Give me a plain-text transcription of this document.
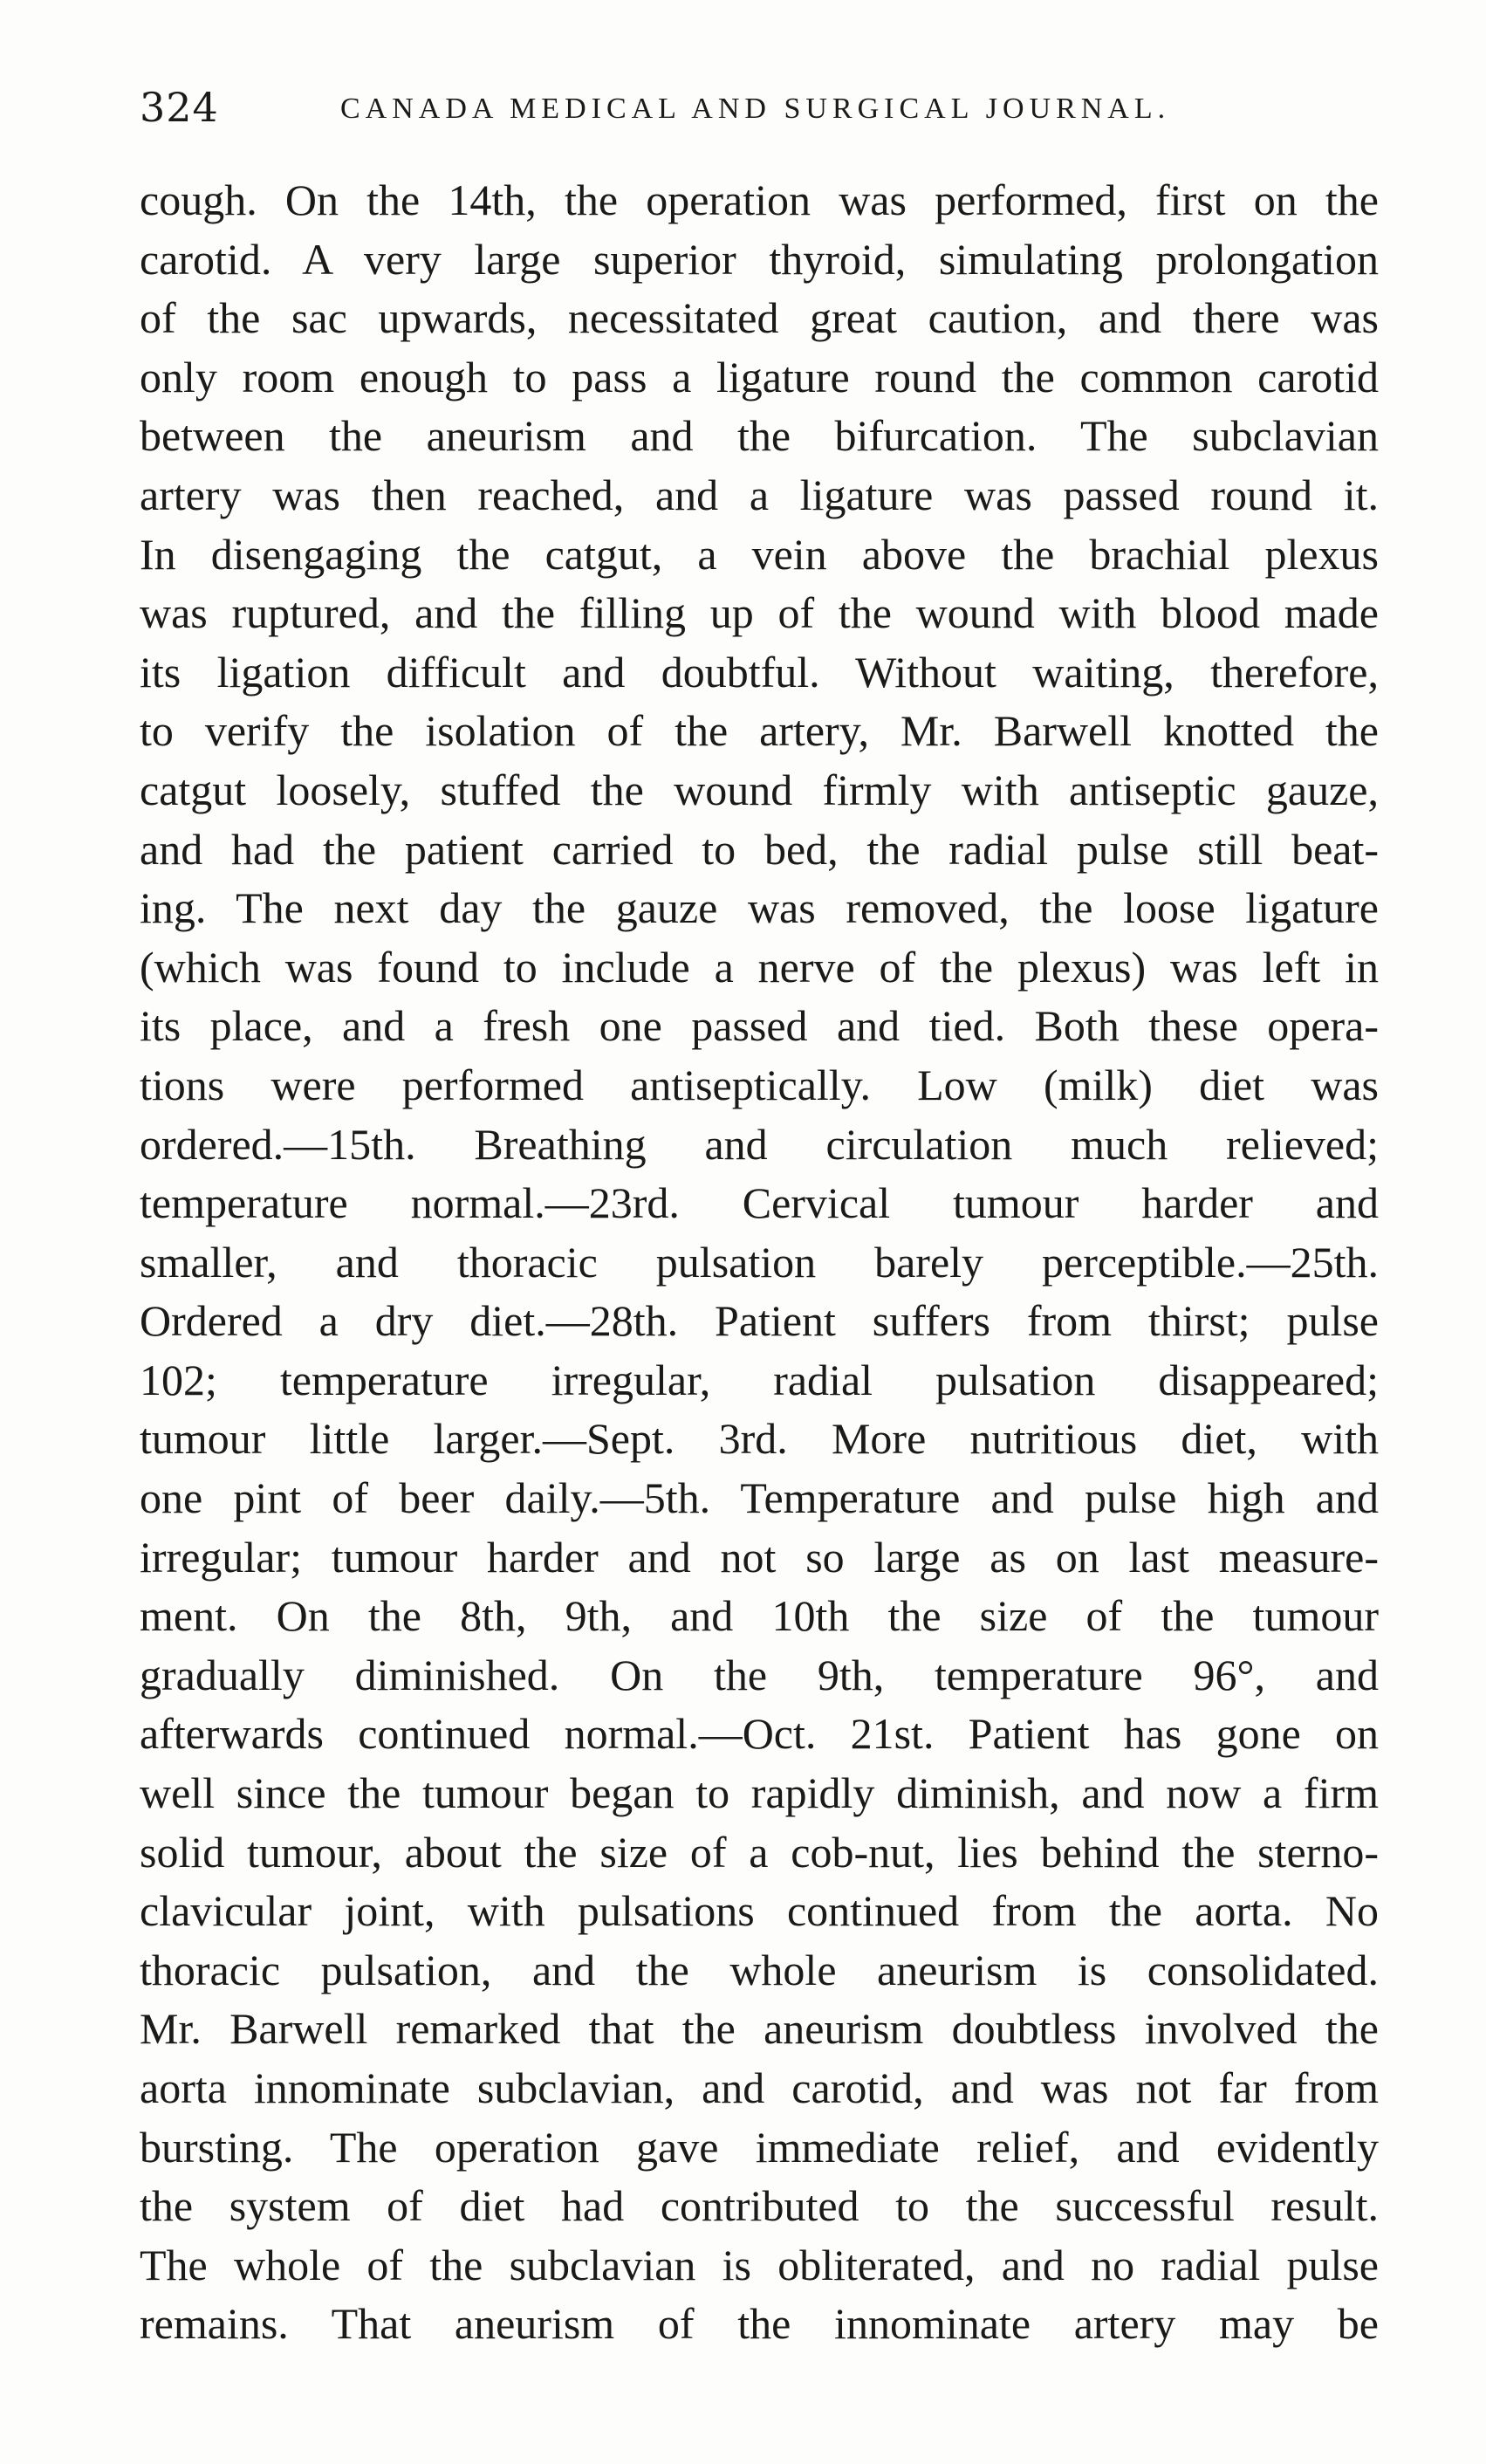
324	CANADA MEDICAL AND SURGICAL JOURNAL.
cough. On the 14th, the operation was performed, first on the
carotid. A very large superior thyroid, simulating prolongation
of the sac upwards, necessitated great caution, and there was
only room enough to pass a ligature round the common carotid
between the aneurism and the bifurcation. The subclavian
artery was then reached, and a ligature was passed round it.
In disengaging the catgut, a vein above the brachial plexus
was ruptured, and the filling up of the wound with blood made
its ligation difficult and doubtful. Without waiting, therefore,
to verify the isolation of the artery, Mr. Barwell knotted the
catgut loosely, stuffed the wound firmly with antiseptic gauze,
and had the patient carried to bed, the radial pulse still beat-
ing. The next day the gauze was removed, the loose ligature
(which was found to include a nerve of the plexus) was left in
its place, and a fresh one passed and tied. Both these opera-
tions were performed antiseptically. Low (milk) diet was
ordered.—15th. Breathing and circulation much relieved;
temperature normal.—23rd. Cervical tumour harder and
smaller, and thoracic pulsation barely perceptible.—25th.
Ordered a dry diet.—28th. Patient suffers from thirst; pulse
102; temperature irregular, radial pulsation disappeared;
tumour little larger.—Sept. 3rd. More nutritious diet, with
one pint of beer daily.—5th. Temperature and pulse high and
irregular; tumour harder and not so large as on last measure-
ment. On the 8th, 9th, and 10th the size of the tumour
gradually diminished. On the 9th, temperature 96°, and
afterwards continued normal.—Oct. 21st. Patient has gone on
well since the tumour began to rapidly diminish, and now a firm
solid tumour, about the size of a cob-nut, lies behind the sterno-
clavicular joint, with pulsations continued from the aorta. No
thoracic pulsation, and the whole aneurism is consolidated.
Mr. Barwell remarked that the aneurism doubtless involved the
aorta innominate subclavian, and carotid, and was not far from
bursting. The operation gave immediate relief, and evidently
the system of diet had contributed to the successful result.
The whole of the subclavian is obliterated, and no radial pulse
remains. That aneurism of the innominate artery may be
